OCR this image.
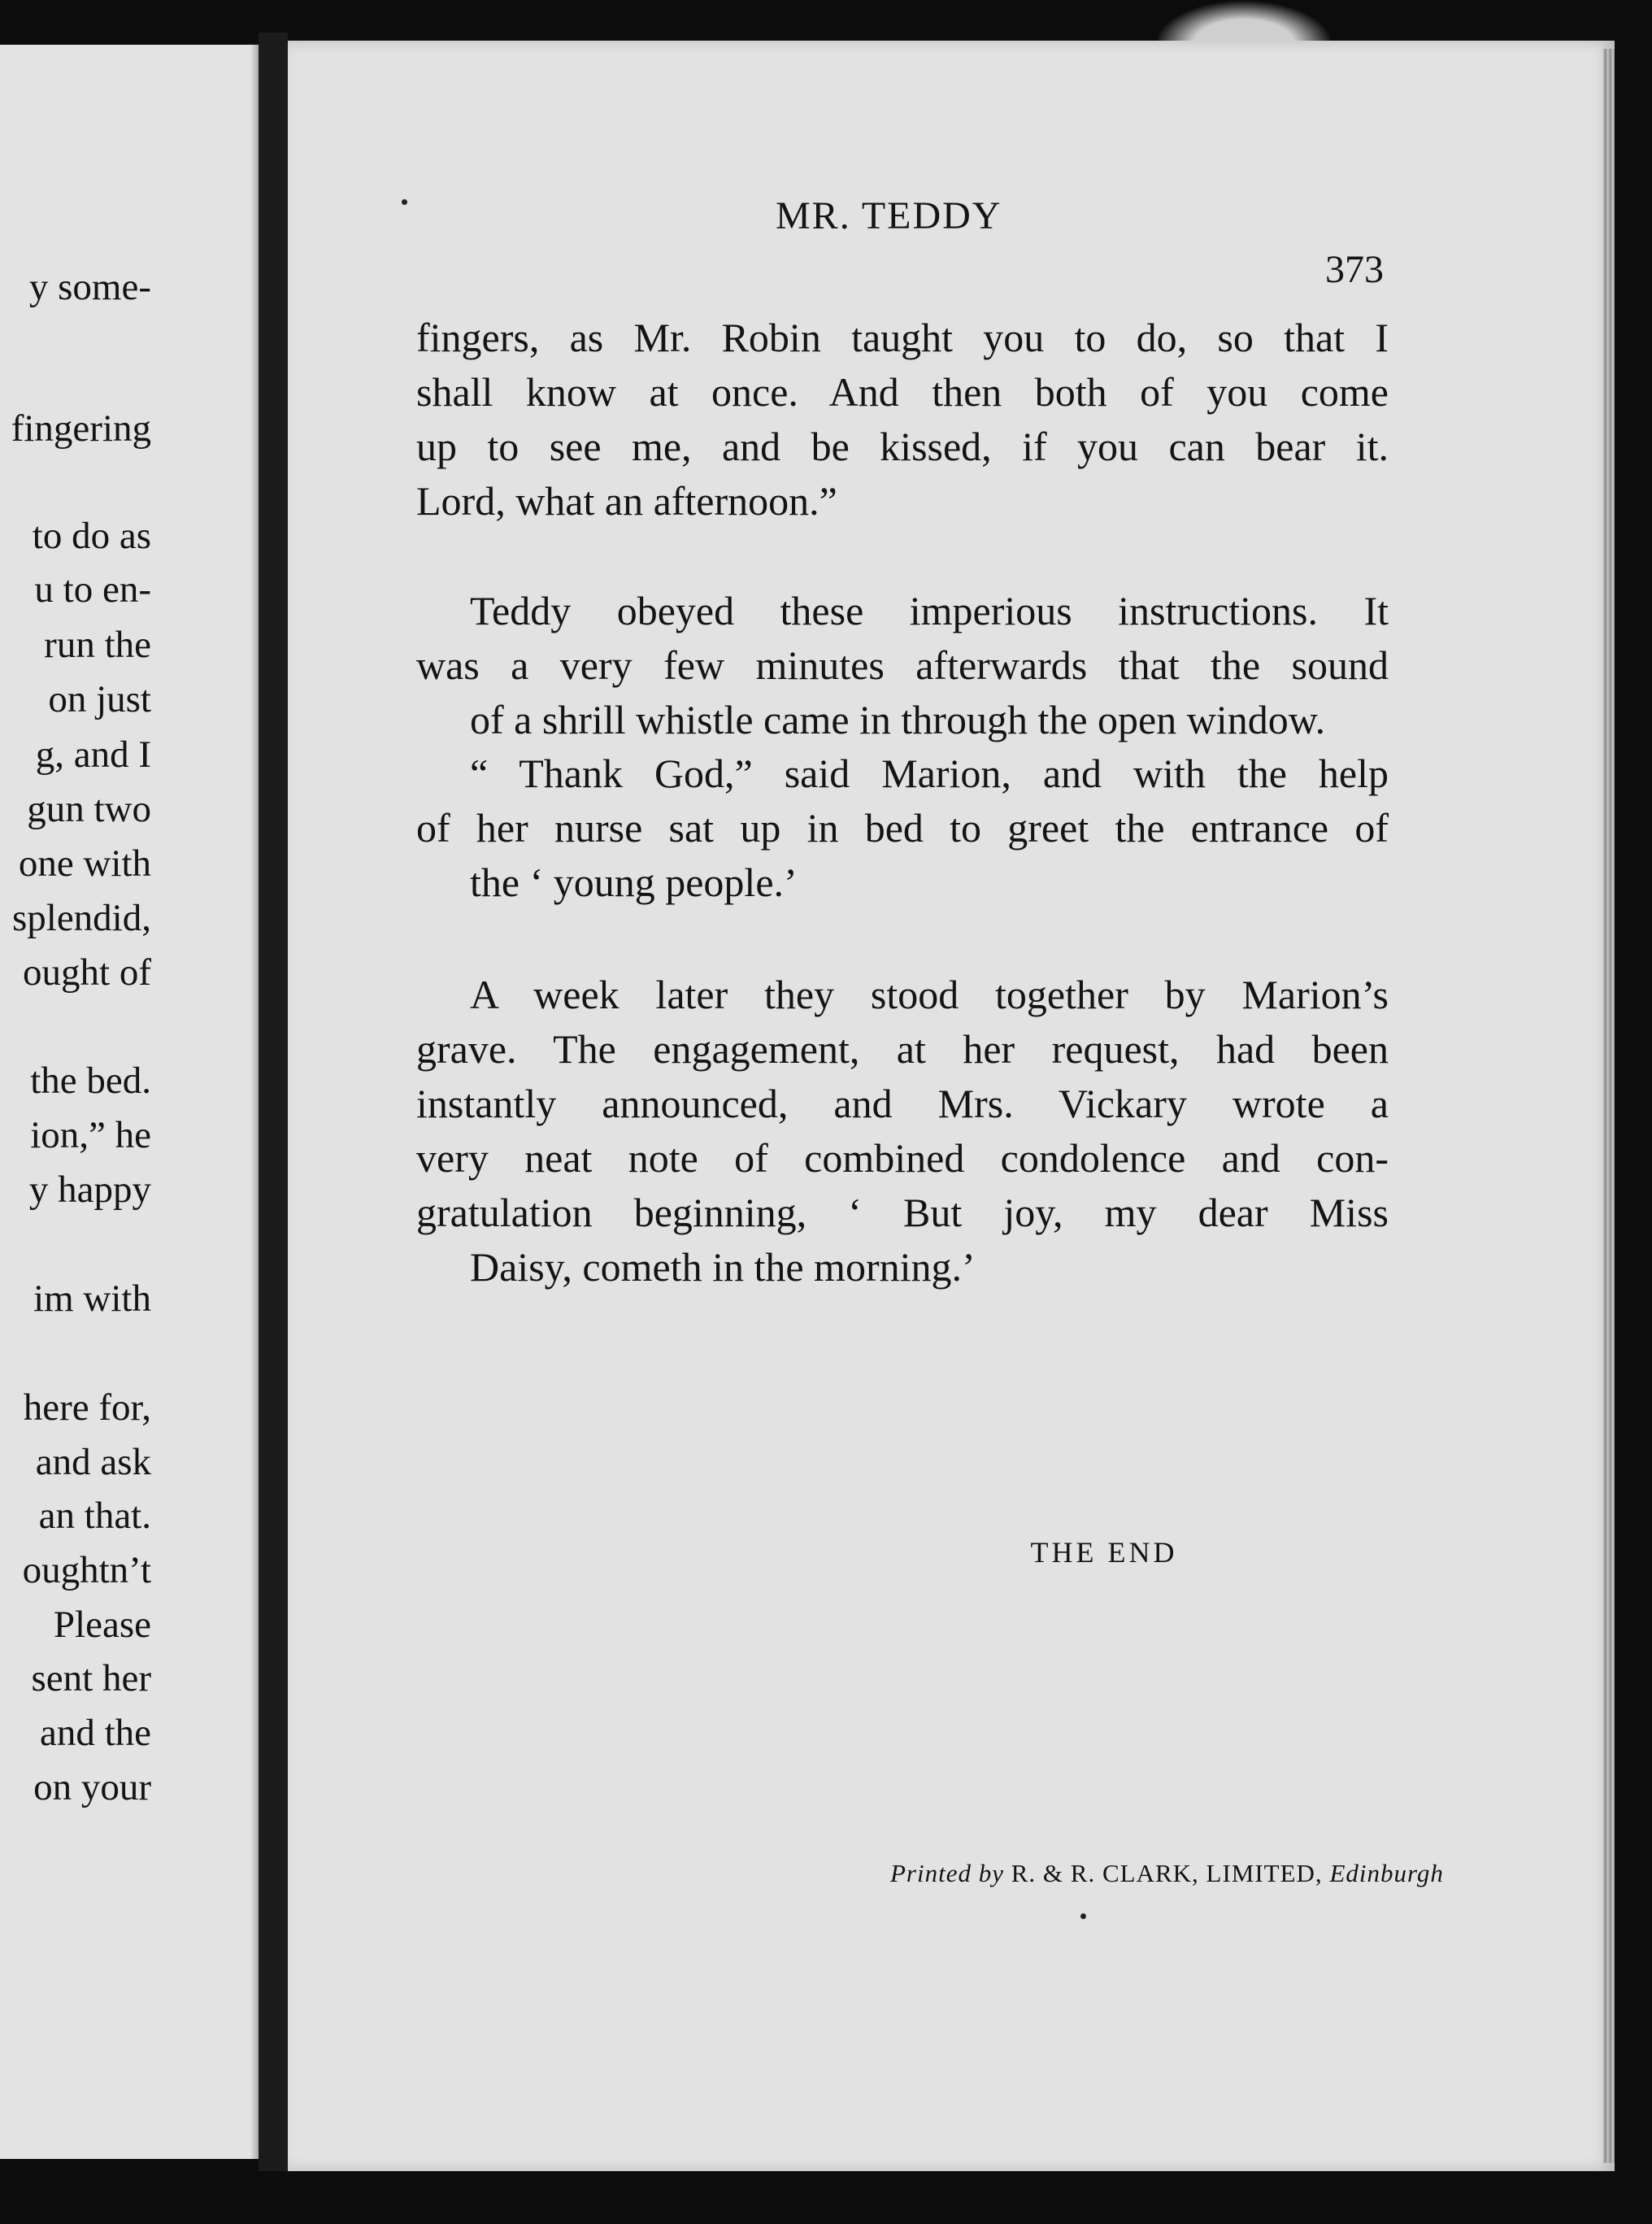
y some-
fingering
to do as
u to en-
run the
on just
g, and I
gun two
one with
splendid,
ought of
the bed.
ion,” he
y happy
im with
here for,
and ask
an that.
oughtn’t
Please
sent her
and the
on your
MR. TEDDY
373

fingers, as Mr. Robin taught you to do, so that I
shall know at once. And then both of you come
up to see me, and be kissed, if you can bear it.

Lord, what an afternoon.”

Teddy obeyed these imperious instructions. It
was a very few minutes afterwards that the sound

of a shrill whistle came in through the open window.

“ Thank God,” said Marion, and with the help
of her nurse sat up in bed to greet the entrance of

the ‘ young people.’

A week later they stood together by Marion’s
grave. The engagement, at her request, had been
instantly announced, and Mrs. Vickary wrote a
very neat note of combined condolence and con-
gratulation beginning, ‘ But joy, my dear Miss

Daisy, cometh in the morning.’

THE END
Printed by R. & R. CLARK, LIMITED, Edinburgh
